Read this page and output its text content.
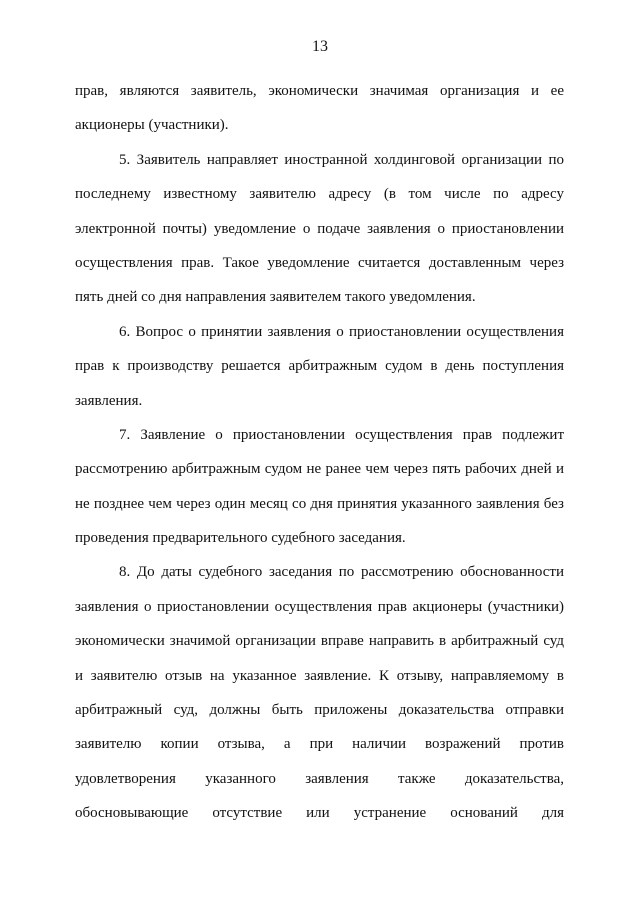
13
прав, являются заявитель, экономически значимая организация и ее
акционеры (участники).
5. Заявитель направляет иностранной холдинговой организации по
последнему известному заявителю адресу (в том числе по адресу
электронной почты) уведомление о подаче заявления о приостановлении
осуществления прав. Такое уведомление считается доставленным через
пять дней со дня направления заявителем такого уведомления.
6. Вопрос о принятии заявления о приостановлении осуществления
прав к производству решается арбитражным судом в день поступления
заявления.
7. Заявление о приостановлении осуществления прав подлежит
рассмотрению арбитражным судом не ранее чем через пять рабочих дней и
не позднее чем через один месяц со дня принятия указанного заявления без
проведения предварительного судебного заседания.
8. До даты судебного заседания по рассмотрению обоснованности
заявления о приостановлении осуществления прав акционеры (участники)
экономически значимой организации вправе направить в арбитражный суд
и заявителю отзыв на указанное заявление. К отзыву, направляемому в
арбитражный суд, должны быть приложены доказательства отправки
заявителю копии отзыва, а при наличии возражений против
удовлетворения указанного заявления также доказательства,
обосновывающие отсутствие или устранение оснований для
